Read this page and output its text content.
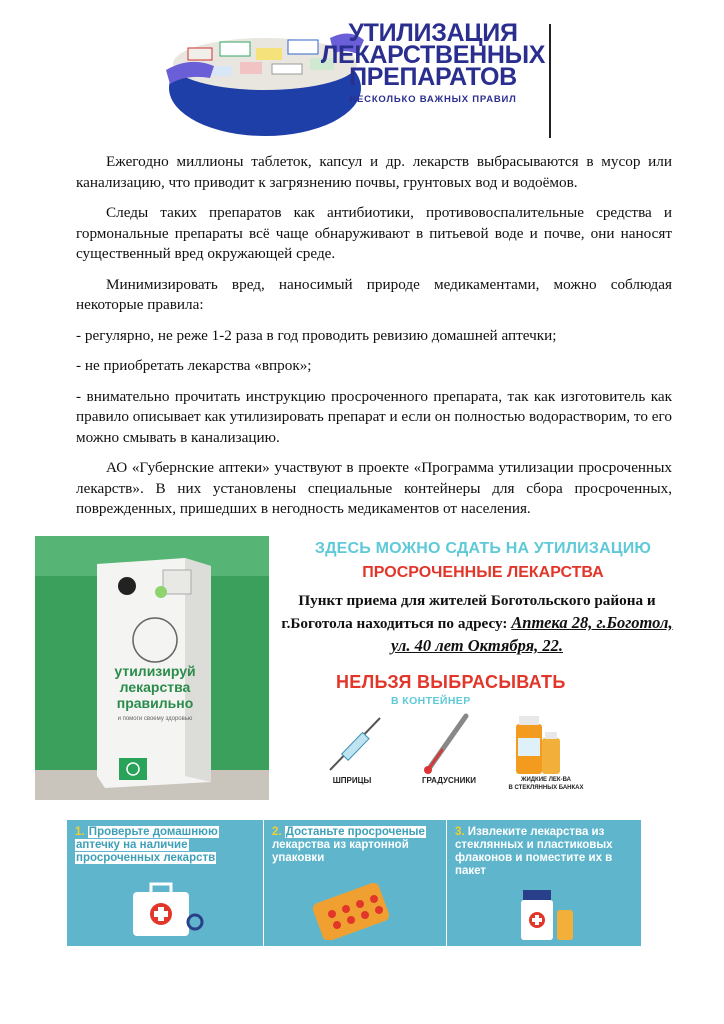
УТИЛИЗАЦИЯ
ЛЕКАРСТВЕННЫХ
ПРЕПАРАТОВ
НЕСКОЛЬКО ВАЖНЫХ ПРАВИЛ

Ежегодно миллионы таблеток, капсул и др. лекарств выбрасываются в мусор или канализацию, что приводит к загрязнению почвы, грунтовых вод и водоёмов.

Следы таких препаратов как антибиотики, противовоспалительные средства и гормональные препараты всё чаще обнаруживают в питьевой воде и почве, они наносят существенный вред окружающей среде.

Минимизировать вред, наносимый природе медикаментами, можно соблюдая некоторые правила:

- регулярно, не реже 1-2 раза в год проводить ревизию домашней аптечки;

- не приобретать лекарства «впрок»;

- внимательно прочитать инструкцию просроченного препарата, так как изготовитель как правило описывает как утилизировать препарат и если он полностью водорастворим, то его можно смывать в канализацию.

АО «Губернские аптеки» участвуют в проекте «Программа утилизации просроченных лекарств». В них установлены специальные контейнеры для сбора просроченных, поврежденных, пришедших в негодность медикаментов от населения.

утилизируй
лекарства
правильно
и помоги своему здоровью
ЗДЕСЬ МОЖНО СДАТЬ НА УТИЛИЗАЦИЮ
ПРОСРОЧЕННЫЕ ЛЕКАРСТВА
Пункт приема для жителей Боготольского района и г.Боготола находиться по адресу: Аптека 28, г.Боготол, ул. 40 лет Октября, 22.
НЕЛЬЗЯ ВЫБРАСЫВАТЬ
В КОНТЕЙНЕР
ШПРИЦЫ	ГРАДУСНИКИ	ЖИДКИЕ ЛЕК-ВА
В СТЕКЛЯННЫХ БАНКАХ
1. Проверьте домашнюю
аптечку на наличие
просроченных лекарств
2. Достаньте просроченые
лекарства из картонной
упаковки
3. Извлеките лекарства из
стеклянных и пластиковых
флаконов и поместите их в
пакет
